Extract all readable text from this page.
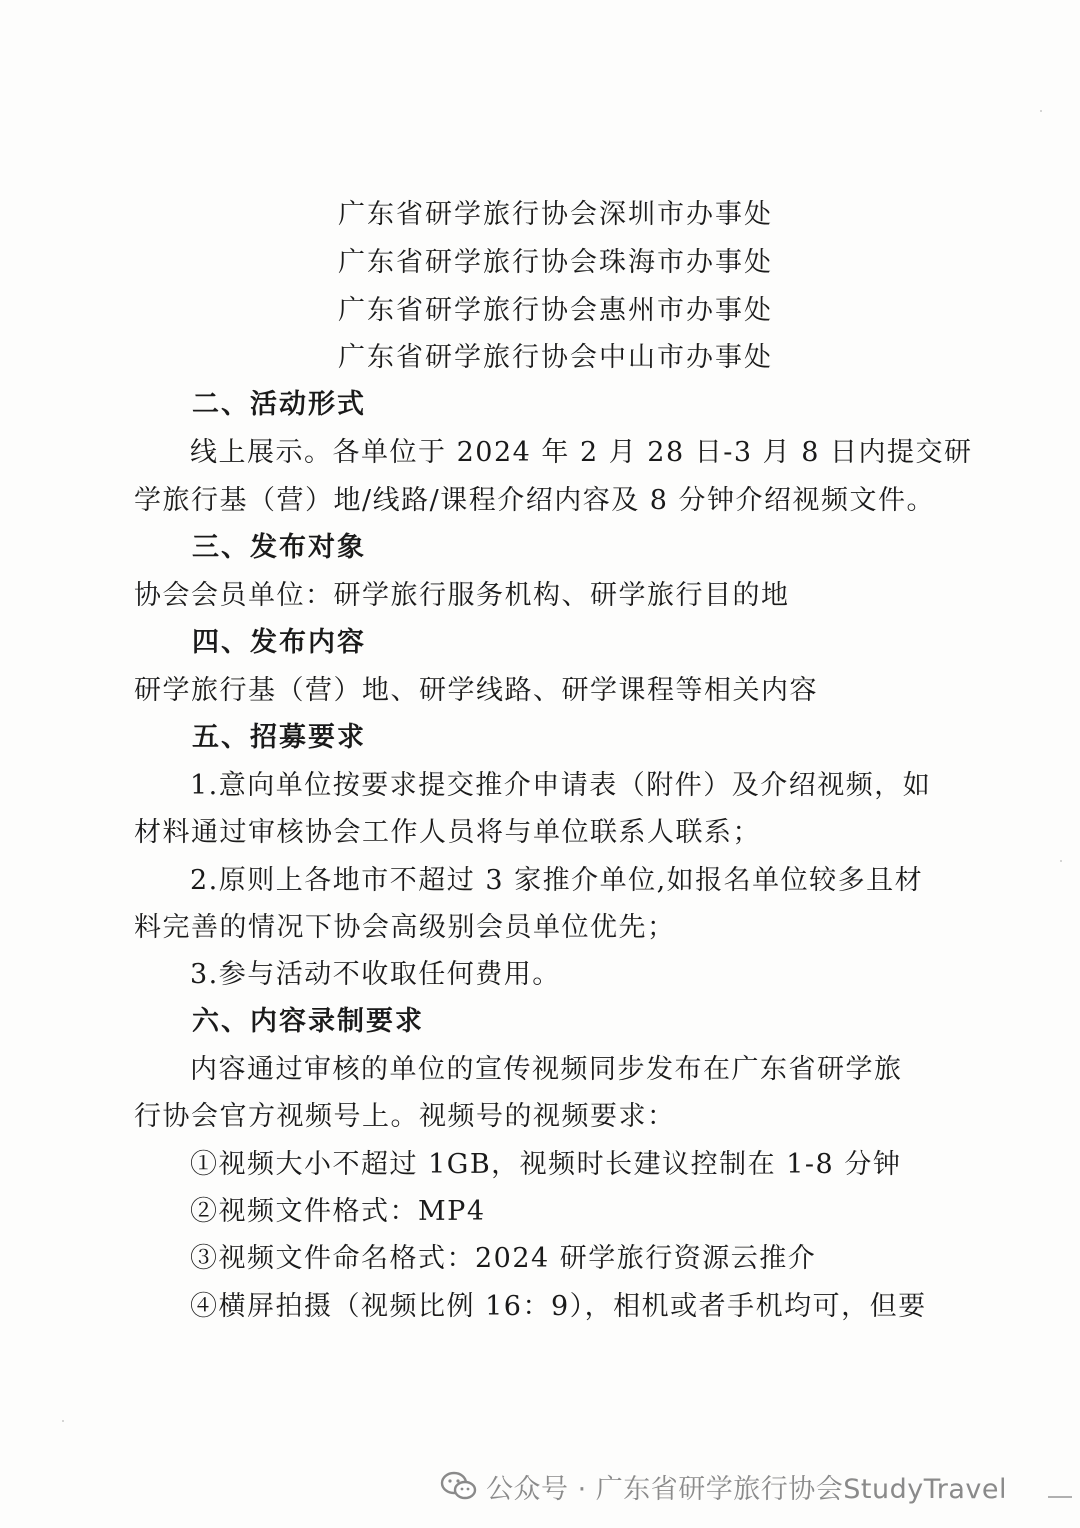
广东省研学旅行协会深圳市办事处
广东省研学旅行协会珠海市办事处
广东省研学旅行协会惠州市办事处
广东省研学旅行协会中山市办事处
二、活动形式
线上展示。各单位于 2024 年 2 月 28 日-3 月 8 日内提交研
学旅行基（营）地/线路/课程介绍内容及 8 分钟介绍视频文件。
三、发布对象
协会会员单位：研学旅行服务机构、研学旅行目的地
四、发布内容
研学旅行基（营）地、研学线路、研学课程等相关内容
五、招募要求
1.意向单位按要求提交推介申请表（附件）及介绍视频，如
材料通过审核协会工作人员将与单位联系人联系；
2.原则上各地市不超过 3 家推介单位,如报名单位较多且材
料完善的情况下协会高级别会员单位优先；
3.参与活动不收取任何费用。
六、内容录制要求
内容通过审核的单位的宣传视频同步发布在广东省研学旅
行协会官方视频号上。视频号的视频要求：
①视频大小不超过 1GB，视频时长建议控制在 1-8 分钟
②视频文件格式：MP4
③视频文件命名格式：2024 研学旅行资源云推介
④横屏拍摄（视频比例 16：9），相机或者手机均可，但要
公众号 · 广东省研学旅行协会StudyTravel
